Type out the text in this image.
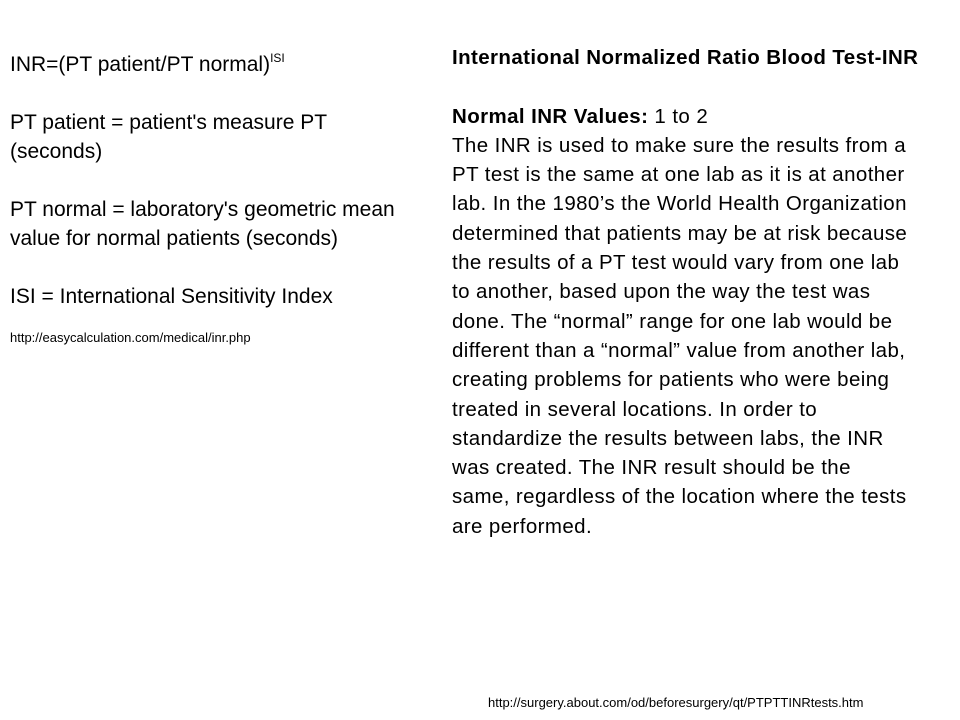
INR=(PT patient/PT normal)$^{ISI}$

PT patient = patient's measure PT (seconds)

PT normal = laboratory's geometric mean value for normal patients (seconds)

ISI = International Sensitivity Index

http://easycalculation.com/medical/inr.php

International Normalized Ratio Blood Test-INR

Normal INR Values: 1 to 2

The INR is used to make sure the results from a PT test is the same at one lab as it is at another lab. In the 1980’s the World Health Organization determined that patients may be at risk because the results of a PT test would vary from one lab to another, based upon the way the test was done. The “normal” range for one lab would be different than a “normal” value from another lab, creating problems for patients who were being treated in several locations. In order to standardize the results between labs, the INR was created. The INR result should be the same, regardless of the location where the tests are performed.

http://surgery.about.com/od/beforesurgery/qt/PTPTTINRtests.htm
